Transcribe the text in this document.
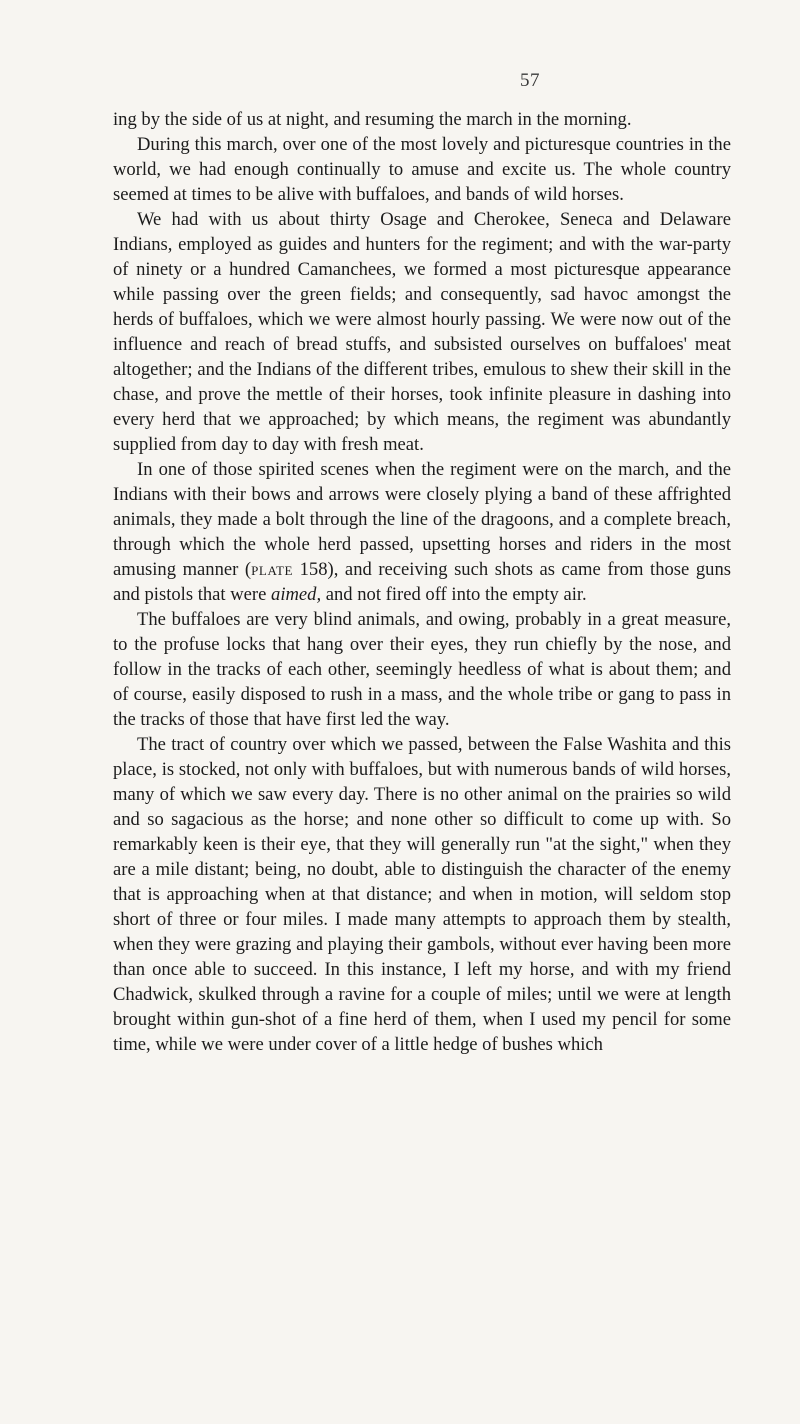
57

ing by the side of us at night, and resuming the march in the morning.

During this march, over one of the most lovely and picturesque countries in the world, we had enough continually to amuse and excite us. The whole country seemed at times to be alive with buffaloes, and bands of wild horses.

We had with us about thirty Osage and Cherokee, Seneca and Delaware Indians, employed as guides and hunters for the regiment; and with the war-party of ninety or a hundred Camanchees, we formed a most picturesque appearance while passing over the green fields; and consequently, sad havoc amongst the herds of buffaloes, which we were almost hourly passing. We were now out of the influence and reach of bread stuffs, and subsisted ourselves on buffaloes' meat altogether; and the Indians of the different tribes, emulous to shew their skill in the chase, and prove the mettle of their horses, took infinite pleasure in dashing into every herd that we approached; by which means, the regiment was abundantly supplied from day to day with fresh meat.

In one of those spirited scenes when the regiment were on the march, and the Indians with their bows and arrows were closely plying a band of these affrighted animals, they made a bolt through the line of the dragoons, and a complete breach, through which the whole herd passed, upsetting horses and riders in the most amusing manner (plate 158), and receiving such shots as came from those guns and pistols that were aimed, and not fired off into the empty air.

The buffaloes are very blind animals, and owing, probably in a great measure, to the profuse locks that hang over their eyes, they run chiefly by the nose, and follow in the tracks of each other, seemingly heedless of what is about them; and of course, easily disposed to rush in a mass, and the whole tribe or gang to pass in the tracks of those that have first led the way.

The tract of country over which we passed, between the False Washita and this place, is stocked, not only with buffaloes, but with numerous bands of wild horses, many of which we saw every day. There is no other animal on the prairies so wild and so sagacious as the horse; and none other so difficult to come up with. So remarkably keen is their eye, that they will generally run "at the sight," when they are a mile distant; being, no doubt, able to distinguish the character of the enemy that is approaching when at that distance; and when in motion, will seldom stop short of three or four miles. I made many attempts to approach them by stealth, when they were grazing and playing their gambols, without ever having been more than once able to succeed. In this instance, I left my horse, and with my friend Chadwick, skulked through a ravine for a couple of miles; until we were at length brought within gun-shot of a fine herd of them, when I used my pencil for some time, while we were under cover of a little hedge of bushes which
